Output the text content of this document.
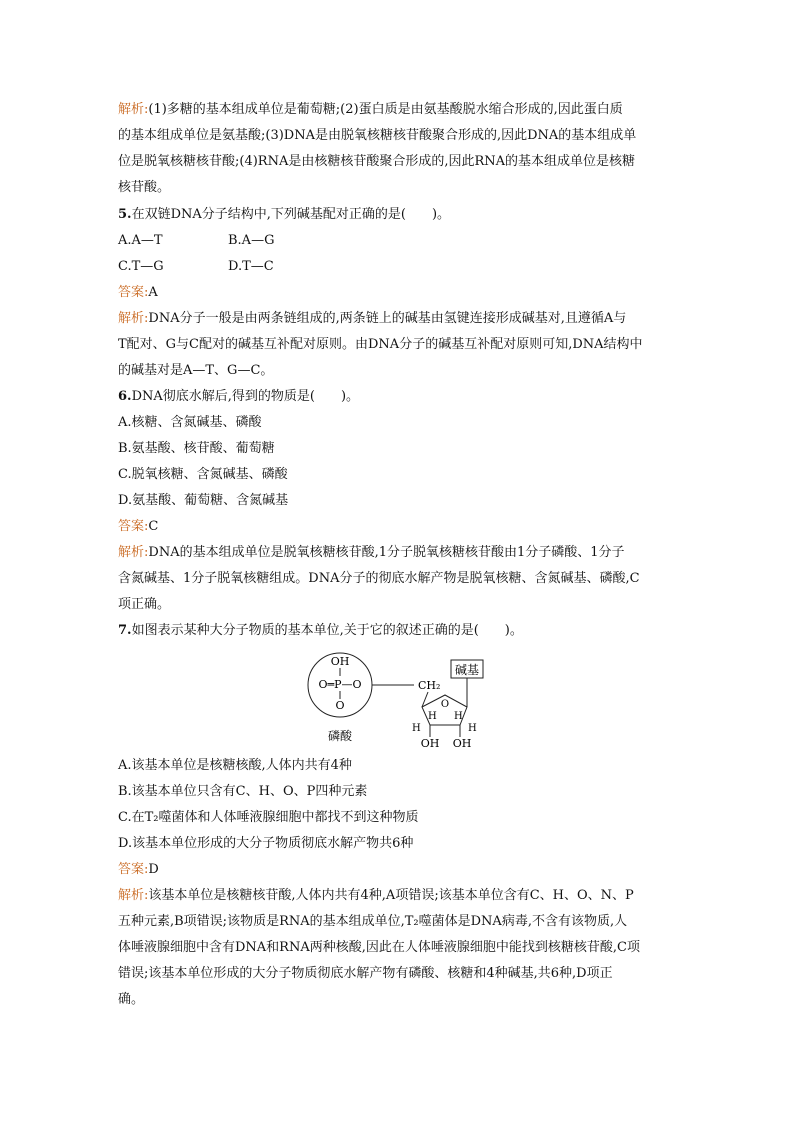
解析:(1)多糖的基本组成单位是葡萄糖;(2)蛋白质是由氨基酸脱水缩合形成的,因此蛋白质
的基本组成单位是氨基酸;(3)DNA是由脱氧核糖核苷酸聚合形成的,因此DNA的基本组成单
位是脱氧核糖核苷酸;(4)RNA是由核糖核苷酸聚合形成的,因此RNA的基本组成单位是核糖
核苷酸。
5.在双链DNA分子结构中,下列碱基配对正确的是(　　)。
A.A—T	B.A—G
C.T—G	D.T—C
答案:A
解析:DNA分子一般是由两条链组成的,两条链上的碱基由氢键连接形成碱基对,且遵循A与
T配对、G与C配对的碱基互补配对原则。由DNA分子的碱基互补配对原则可知,DNA结构中
的碱基对是A—T、G—C。
6.DNA彻底水解后,得到的物质是(　　)。
A.核糖、含氮碱基、磷酸
B.氨基酸、核苷酸、葡萄糖
C.脱氧核糖、含氮碱基、磷酸
D.氨基酸、葡萄糖、含氮碱基
答案:C
解析:DNA的基本组成单位是脱氧核糖核苷酸,1分子脱氧核糖核苷酸由1分子磷酸、1分子
含氮碱基、1分子脱氧核糖组成。DNA分子的彻底水解产物是脱氧核糖、含氮碱基、磷酸,C
项正确。
7.如图表示某种大分子物质的基本单位,关于它的叙述正确的是(　　)。
OH
O═P—O
O
磷酸
CH₂
碱基
O
H
H H
H
OH OH
A.该基本单位是核糖核酸,人体内共有4种
B.该基本单位只含有C、H、O、P四种元素
C.在T₂噬菌体和人体唾液腺细胞中都找不到这种物质
D.该基本单位形成的大分子物质彻底水解产物共6种
答案:D
解析:该基本单位是核糖核苷酸,人体内共有4种,A项错误;该基本单位含有C、H、O、N、P
五种元素,B项错误;该物质是RNA的基本组成单位,T₂噬菌体是DNA病毒,不含有该物质,人
体唾液腺细胞中含有DNA和RNA两种核酸,因此在人体唾液腺细胞中能找到核糖核苷酸,C项
错误;该基本单位形成的大分子物质彻底水解产物有磷酸、核糖和4种碱基,共6种,D项正
确。
